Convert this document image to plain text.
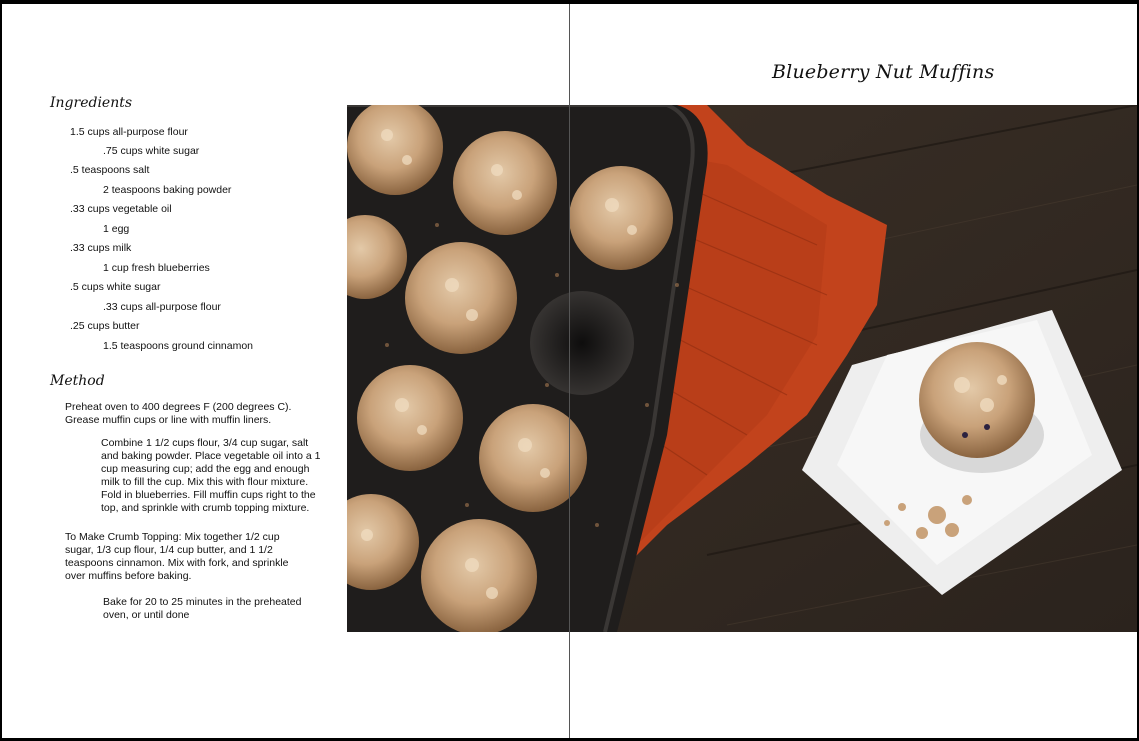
Blueberry Nut Muffins
Ingredients
1.5 cups all-purpose flour
.75 cups white sugar
.5 teaspoons salt
2 teaspoons baking powder
.33 cups vegetable oil
1 egg
.33 cups milk
1 cup fresh blueberries
.5 cups white sugar
.33 cups all-purpose flour
.25 cups butter
1.5 teaspoons ground cinnamon
Method
Preheat oven to 400 degrees F (200 degrees C). Grease muffin cups or line with muffin liners.
Combine 1 1/2 cups flour, 3/4 cup sugar, salt and baking powder. Place vegetable oil into a 1 cup measuring cup; add the egg and enough milk to fill the cup. Mix this with flour mixture. Fold in blueberries. Fill muffin cups right to the top, and sprinkle with crumb topping mixture.
To Make Crumb Topping: Mix together 1/2 cup sugar, 1/3 cup flour, 1/4 cup butter, and 1 1/2 teaspoons cinnamon. Mix with fork, and sprinkle over muffins before baking.
Bake for 20 to 25 minutes in the preheated oven, or until done
